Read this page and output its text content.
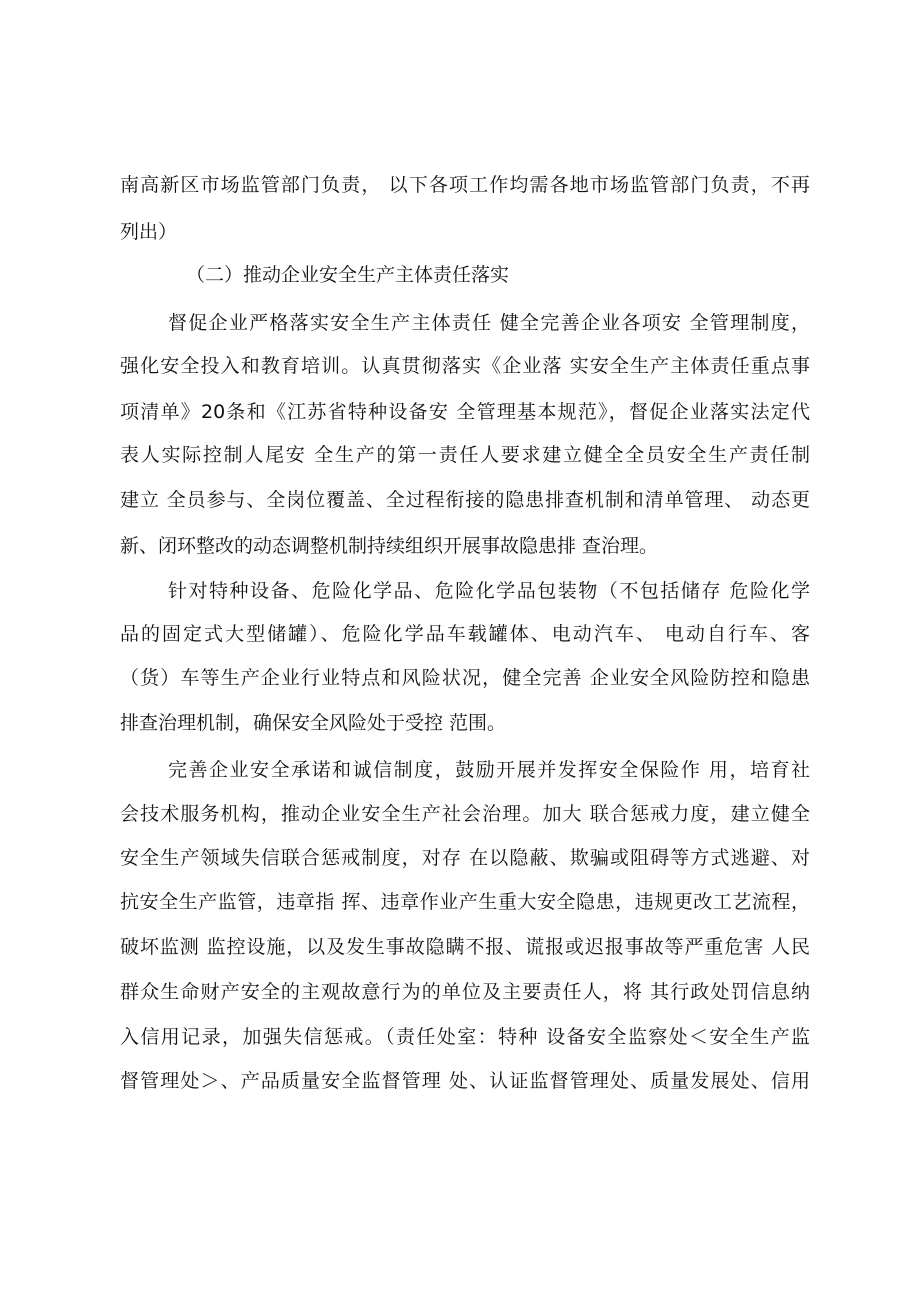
南高新区市场监管部门负责， 以下各项工作均需各地市场监管部门负责，不再
列出）
（二）推动企业安全生产主体责任落实
督促企业严格落实安全生产主体责任 健全完善企业各项安 全管理制度，
强化安全投入和教育培训。认真贯彻落实《企业落 实安全生产主体责任重点事
项清单》20条和《江苏省特种设备安 全管理基本规范》，督促企业落实法定代
表人实际控制人尾安 全生产的第一责任人要求建立健全全员安全生产责任制
建立 全员参与、全岗位覆盖、全过程衔接的隐患排查机制和清单管理、 动态更
新、闭环整改的动态调整机制持续组织开展事故隐患排 查治理。
针对特种设备、危险化学品、危险化学品包装物（不包括储存 危险化学
品的固定式大型储罐）、危险化学品车载罐体、电动汽车、 电动自行车、客
（货）车等生产企业行业特点和风险状况，健全完善 企业安全风险防控和隐患
排查治理机制，确保安全风险处于受控 范围。
完善企业安全承诺和诚信制度，鼓励开展并发挥安全保险作 用，培育社
会技术服务机构，推动企业安全生产社会治理。加大 联合惩戒力度，建立健全
安全生产领域失信联合惩戒制度，对存 在以隐蔽、欺骗或阻碍等方式逃避、对
抗安全生产监管，违章指 挥、违章作业产生重大安全隐患，违规更改工艺流程，
破坏监测 监控设施，以及发生事故隐瞒不报、谎报或迟报事故等严重危害 人民
群众生命财产安全的主观故意行为的单位及主要责任人，将 其行政处罚信息纳
入信用记录，加强失信惩戒。（责任处室：特种 设备安全监察处＜安全生产监
督管理处＞、产品质量安全监督管理 处、认证监督管理处、质量发展处、信用
